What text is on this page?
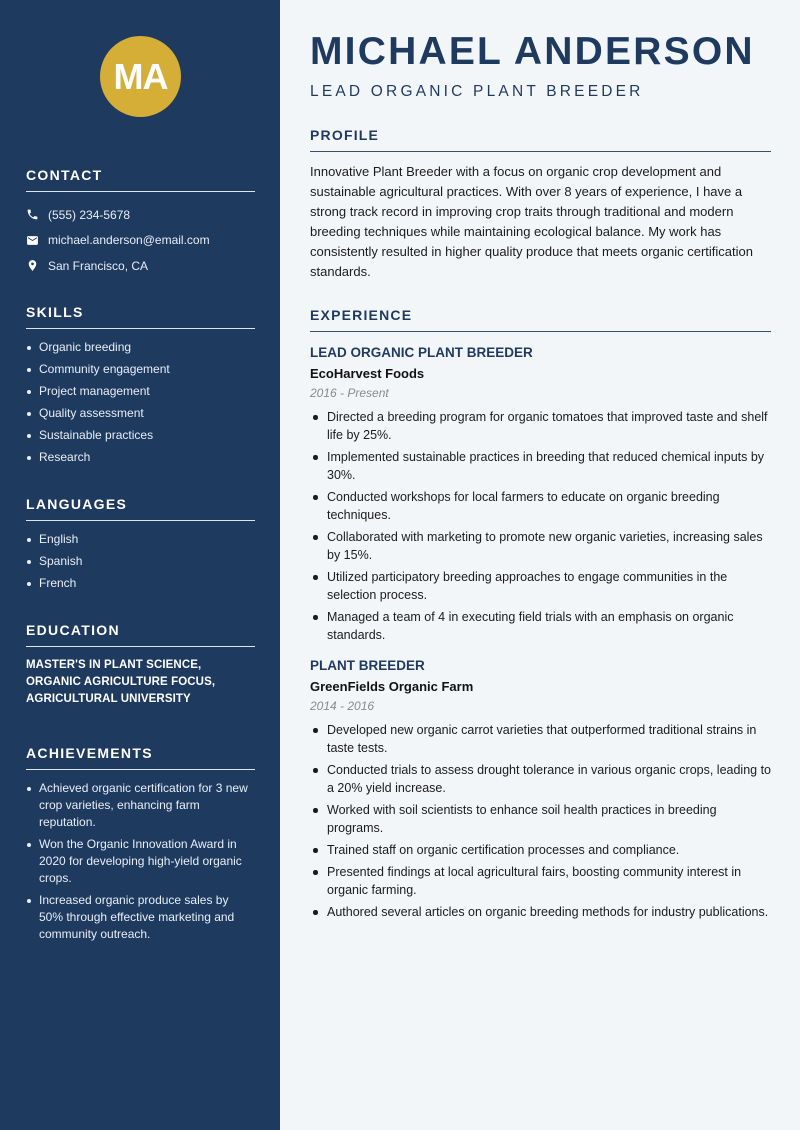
MA
CONTACT
(555) 234-5678
michael.anderson@email.com
San Francisco, CA
SKILLS
Organic breeding
Community engagement
Project management
Quality assessment
Sustainable practices
Research
LANGUAGES
English
Spanish
French
EDUCATION
MASTER'S IN PLANT SCIENCE, ORGANIC AGRICULTURE FOCUS, AGRICULTURAL UNIVERSITY
ACHIEVEMENTS
Achieved organic certification for 3 new crop varieties, enhancing farm reputation.
Won the Organic Innovation Award in 2020 for developing high-yield organic crops.
Increased organic produce sales by 50% through effective marketing and community outreach.
MICHAEL ANDERSON
LEAD ORGANIC PLANT BREEDER
PROFILE

Innovative Plant Breeder with a focus on organic crop development and sustainable agricultural practices. With over 8 years of experience, I have a strong track record in improving crop traits through traditional and modern breeding techniques while maintaining ecological balance. My work has consistently resulted in higher quality produce that meets organic certification standards.

EXPERIENCE
LEAD ORGANIC PLANT BREEDER
EcoHarvest Foods
2016 - Present
Directed a breeding program for organic tomatoes that improved taste and shelf life by 25%.
Implemented sustainable practices in breeding that reduced chemical inputs by 30%.
Conducted workshops for local farmers to educate on organic breeding techniques.
Collaborated with marketing to promote new organic varieties, increasing sales by 15%.
Utilized participatory breeding approaches to engage communities in the selection process.
Managed a team of 4 in executing field trials with an emphasis on organic standards.
PLANT BREEDER
GreenFields Organic Farm
2014 - 2016
Developed new organic carrot varieties that outperformed traditional strains in taste tests.
Conducted trials to assess drought tolerance in various organic crops, leading to a 20% yield increase.
Worked with soil scientists to enhance soil health practices in breeding programs.
Trained staff on organic certification processes and compliance.
Presented findings at local agricultural fairs, boosting community interest in organic farming.
Authored several articles on organic breeding methods for industry publications.
